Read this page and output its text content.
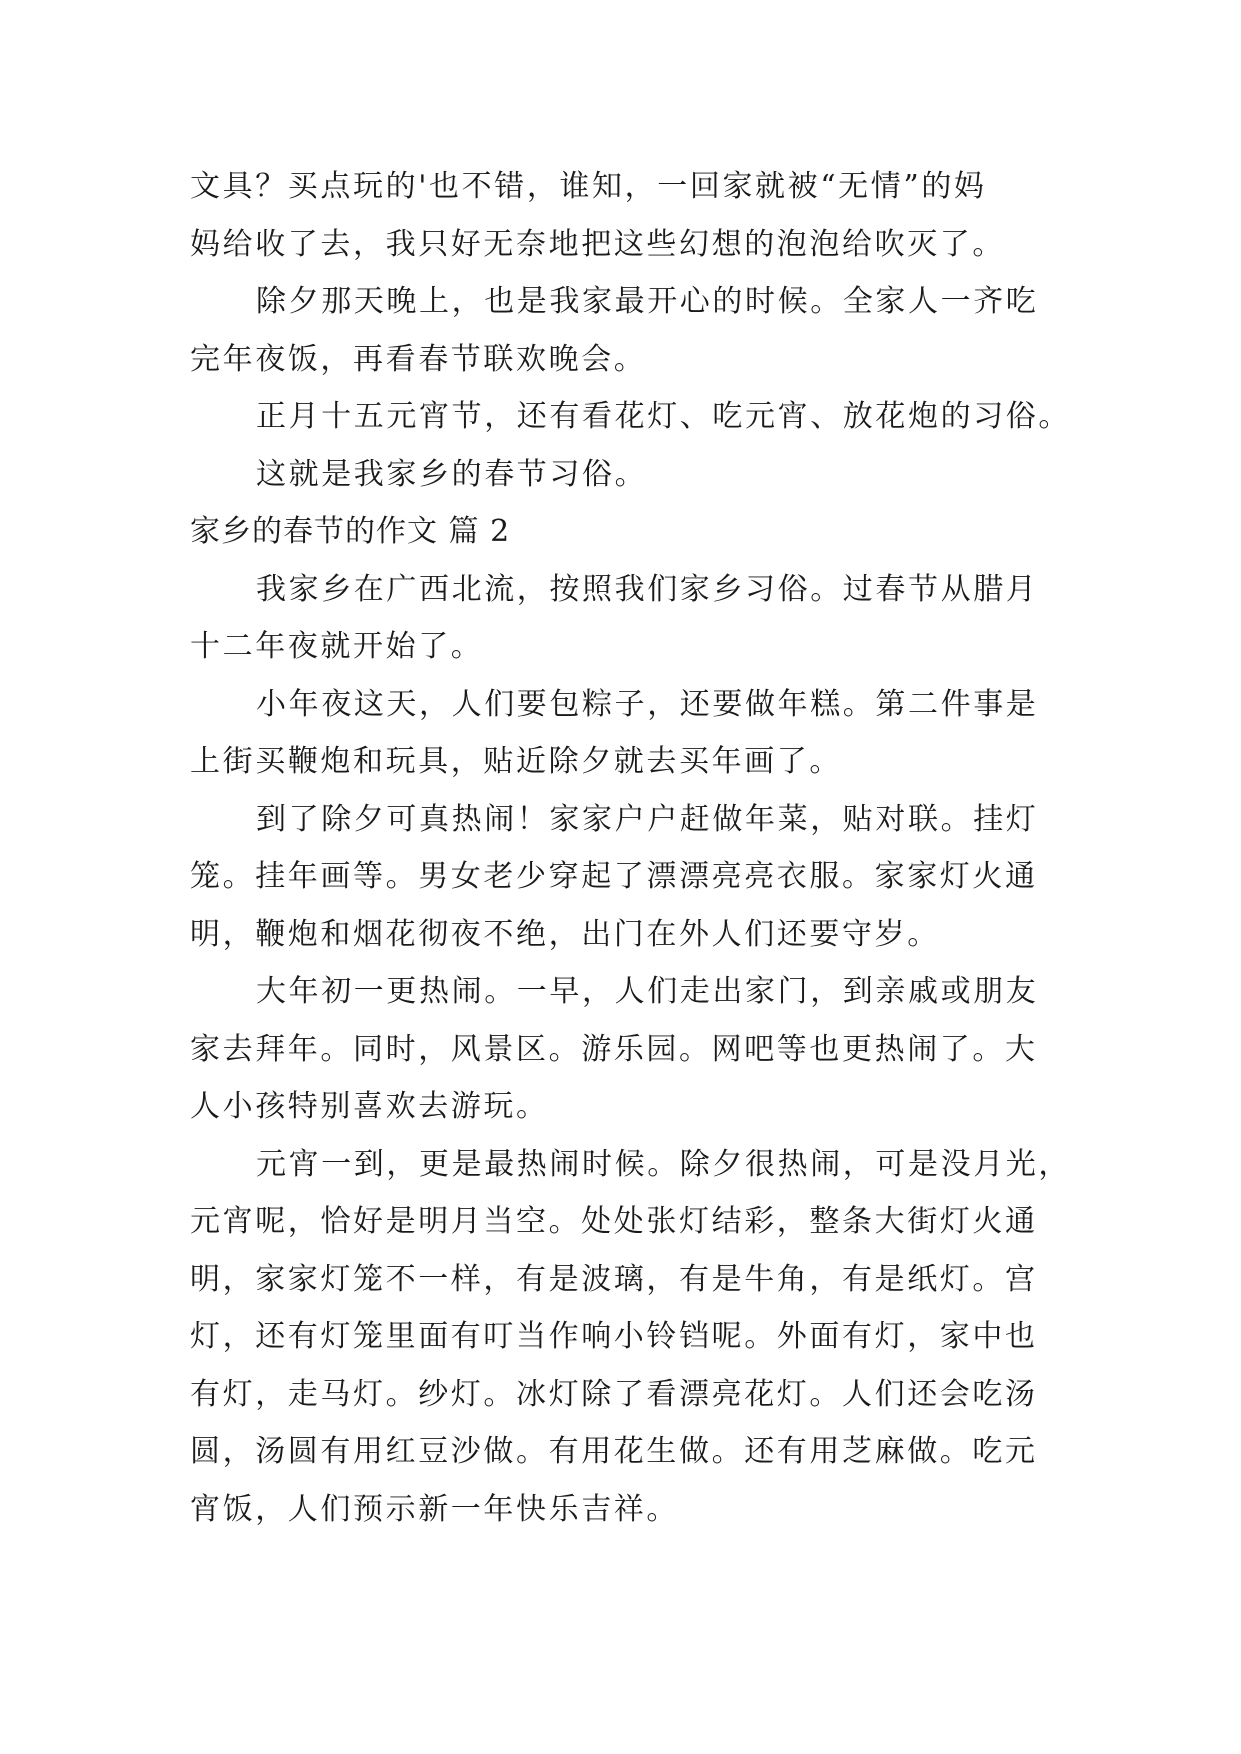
文具？买点玩的'也不错，谁知，一回家就被“无情”的妈
妈给收了去，我只好无奈地把这些幻想的泡泡给吹灭了。
除夕那天晚上，也是我家最开心的时候。全家人一齐吃
完年夜饭，再看春节联欢晚会。
正月十五元宵节，还有看花灯、吃元宵、放花炮的习俗。
这就是我家乡的春节习俗。
家乡的春节的作文 篇 2
我家乡在广西北流，按照我们家乡习俗。过春节从腊月
十二年夜就开始了。
小年夜这天，人们要包粽子，还要做年糕。第二件事是
上街买鞭炮和玩具，贴近除夕就去买年画了。
到了除夕可真热闹！家家户户赶做年菜，贴对联。挂灯
笼。挂年画等。男女老少穿起了漂漂亮亮衣服。家家灯火通
明，鞭炮和烟花彻夜不绝，出门在外人们还要守岁。
大年初一更热闹。一早，人们走出家门，到亲戚或朋友
家去拜年。同时，风景区。游乐园。网吧等也更热闹了。大
人小孩特别喜欢去游玩。
元宵一到，更是最热闹时候。除夕很热闹，可是没月光，
元宵呢，恰好是明月当空。处处张灯结彩，整条大街灯火通
明，家家灯笼不一样，有是波璃，有是牛角，有是纸灯。宫
灯，还有灯笼里面有叮当作响小铃铛呢。外面有灯，家中也
有灯，走马灯。纱灯。冰灯除了看漂亮花灯。人们还会吃汤
圆，汤圆有用红豆沙做。有用花生做。还有用芝麻做。吃元
宵饭，人们预示新一年快乐吉祥。
